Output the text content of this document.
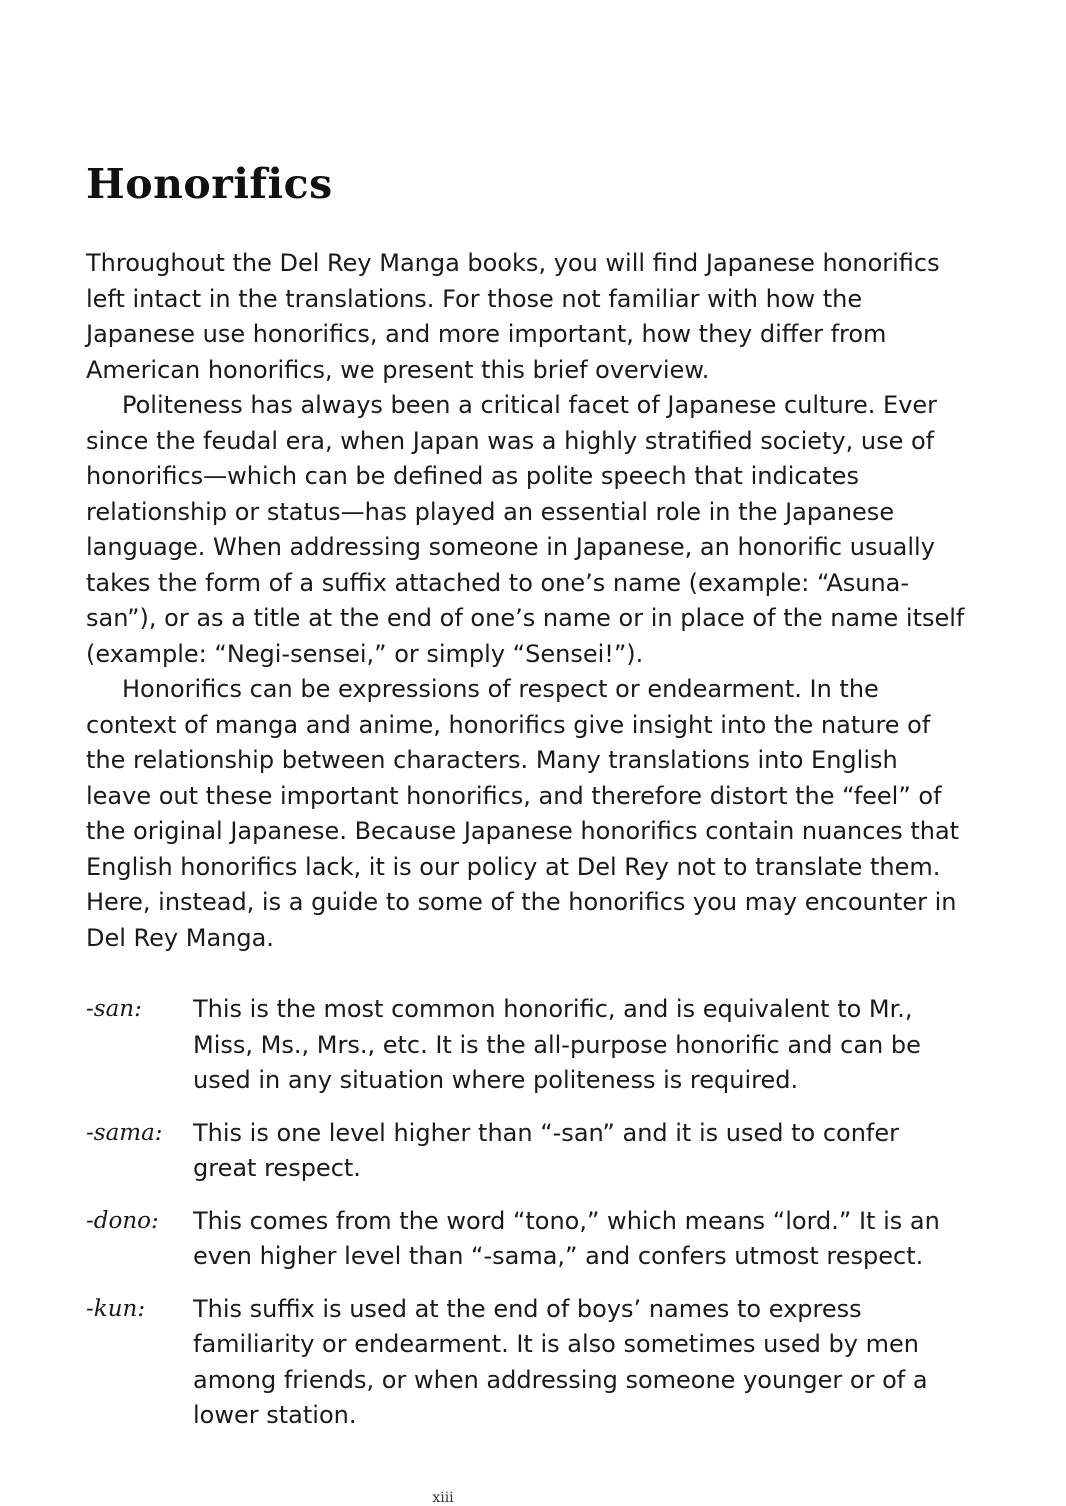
Honorifics

Throughout the Del Rey Manga books, you will find Japanese honorifics left intact in the translations. For those not familiar with how the Japanese use honorifics, and more important, how they differ from American honorifics, we present this brief overview.

Politeness has always been a critical facet of Japanese culture. Ever since the feudal era, when Japan was a highly stratified society, use of honorifics—which can be defined as polite speech that indicates relationship or status—has played an essential role in the Japanese language. When addressing someone in Japanese, an honorific usually takes the form of a suffix attached to one’s name (example: “Asuna-san”), or as a title at the end of one’s name or in place of the name itself (example: “Negi-sensei,” or simply “Sensei!”).

Honorifics can be expressions of respect or endearment. In the context of manga and anime, honorifics give insight into the nature of the relationship between characters. Many translations into English leave out these important honorifics, and therefore distort the “feel” of the original Japanese. Because Japanese honorifics contain nuances that English honorifics lack, it is our policy at Del Rey not to translate them. Here, instead, is a guide to some of the honorifics you may encounter in Del Rey Manga.

-san:	This is the most common honorific, and is equivalent to Mr., Miss, Ms., Mrs., etc. It is the all-purpose honorific and can be used in any situation where politeness is required.
-sama:	This is one level higher than “-san” and it is used to confer great respect.
-dono:	This comes from the word “tono,” which means “lord.” It is an even higher level than “-sama,” and confers utmost respect.
-kun:	This suffix is used at the end of boys’ names to express familiarity or endearment. It is also sometimes used by men among friends, or when addressing someone younger or of a lower station.
xiii
